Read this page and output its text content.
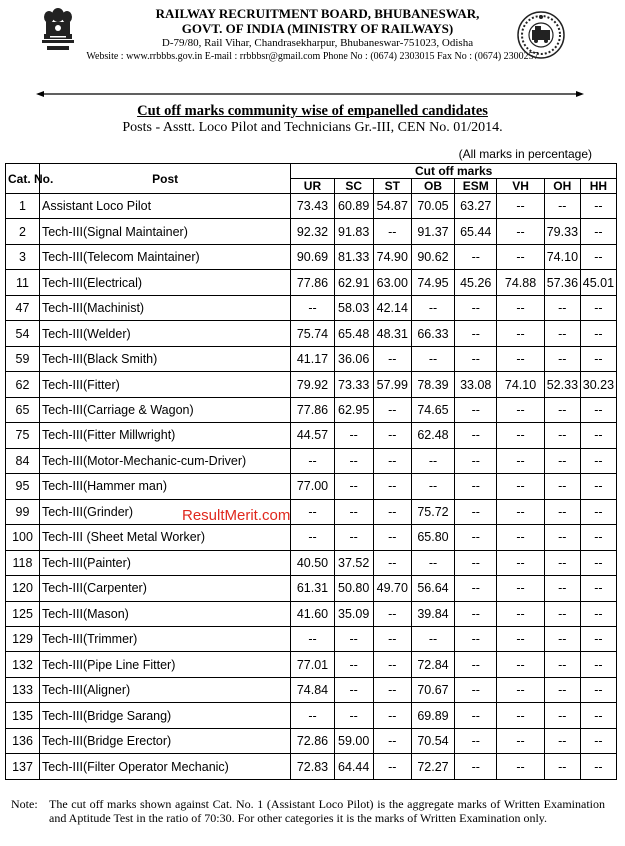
RAILWAY RECRUITMENT BOARD, BHUBANESWAR,
GOVT. OF INDIA (MINISTRY OF RAILWAYS)
D-79/80, Rail Vihar, Chandrasekharpur, Bhubaneswar-751023, Odisha
Website : www.rrbbbs.gov.in E-mail : rrbbbsr@gmail.com Phone No : (0674) 2303015 Fax No : (0674) 2300257
Cut off marks community wise of empanelled candidates
Posts - Asstt. Loco Pilot and Technicians Gr.-III, CEN No. 01/2014.
(All marks in percentage)
Cat. No.	Post	Cut off marks							
		UR	SC	ST	OB	ESM	VH	OH	HH
1	Assistant Loco Pilot	73.43	60.89	54.87	70.05	63.27	--	--	--
2	Tech-III(Signal Maintainer)	92.32	91.83	--	91.37	65.44	--	79.33	--
3	Tech-III(Telecom Maintainer)	90.69	81.33	74.90	90.62	--	--	74.10	--
11	Tech-III(Electrical)	77.86	62.91	63.00	74.95	45.26	74.88	57.36	45.01
47	Tech-III(Machinist)	--	58.03	42.14	--	--	--	--	--
54	Tech-III(Welder)	75.74	65.48	48.31	66.33	--	--	--	--
59	Tech-III(Black Smith)	41.17	36.06	--	--	--	--	--	--
62	Tech-III(Fitter)	79.92	73.33	57.99	78.39	33.08	74.10	52.33	30.23
65	Tech-III(Carriage & Wagon)	77.86	62.95	--	74.65	--	--	--	--
75	Tech-III(Fitter Millwright)	44.57	--	--	62.48	--	--	--	--
84	Tech-III(Motor-Mechanic-cum-Driver)	--	--	--	--	--	--	--	--
95	Tech-III(Hammer man)	77.00	--	--	--	--	--	--	--
99	Tech-III(Grinder)	--	--	--	75.72	--	--	--	--
100	Tech-III (Sheet Metal Worker)	--	--	--	65.80	--	--	--	--
118	Tech-III(Painter)	40.50	37.52	--	--	--	--	--	--
120	Tech-III(Carpenter)	61.31	50.80	49.70	56.64	--	--	--	--
125	Tech-III(Mason)	41.60	35.09	--	39.84	--	--	--	--
129	Tech-III(Trimmer)	--	--	--	--	--	--	--	--
132	Tech-III(Pipe Line Fitter)	77.01	--	--	72.84	--	--	--	--
133	Tech-III(Aligner)	74.84	--	--	70.67	--	--	--	--
135	Tech-III(Bridge Sarang)	--	--	--	69.89	--	--	--	--
136	Tech-III(Bridge Erector)	72.86	59.00	--	70.54	--	--	--	--
137	Tech-III(Filter Operator Mechanic)	72.83	64.44	--	72.27	--	--	--	--
ResultMerit.com
Note: The cut off marks shown against Cat. No. 1 (Assistant Loco Pilot) is the aggregate marks of Written Examination and Aptitude Test in the ratio of 70:30. For other categories it is the marks of Written Examination only.
